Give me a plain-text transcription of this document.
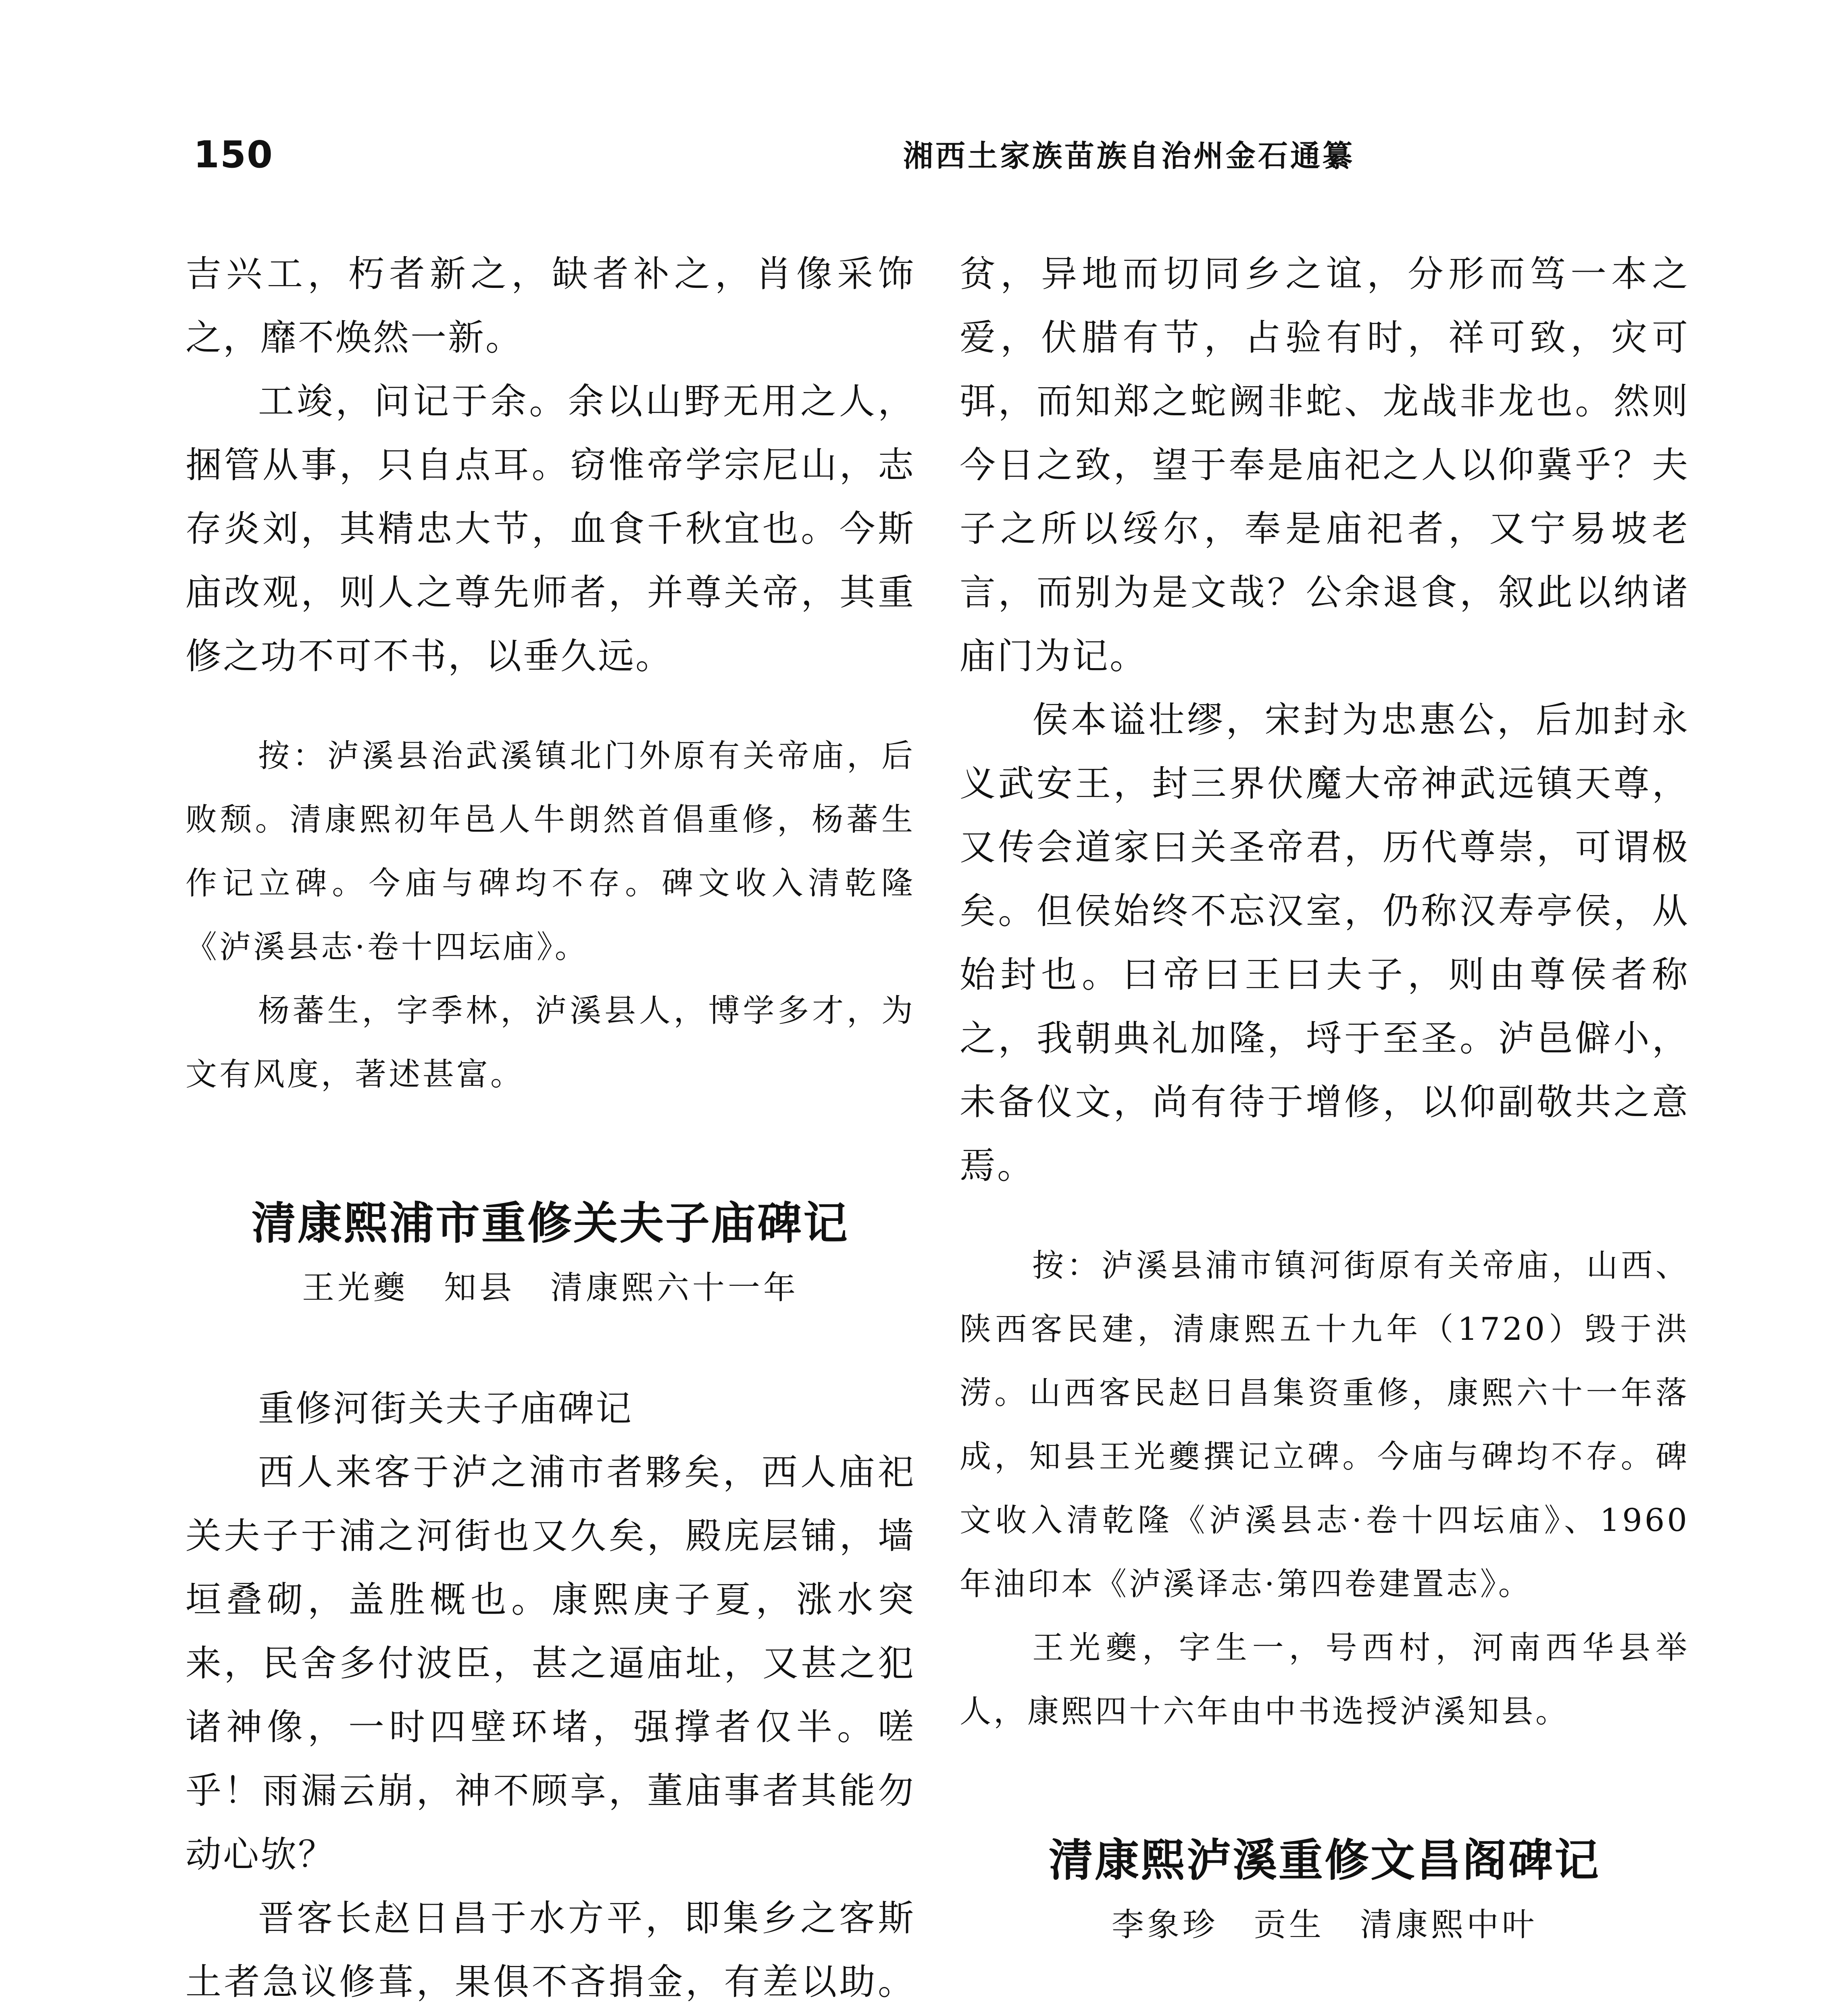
150	湘西土家族苗族自治州金石通纂

吉兴工，朽者新之，缺者补之，肖像采饰之，靡不焕然一新。

工竣，问记于余。余以山野无用之人，捆管从事，只自点耳。窃惟帝学宗尼山，志存炎刘，其精忠大节，血食千秋宜也。今斯庙改观，则人之尊先师者，并尊关帝，其重修之功不可不书，以垂久远。

按：泸溪县治武溪镇北门外原有关帝庙，后败颓。清康熙初年邑人牛朗然首倡重修，杨蕃生作记立碑。今庙与碑均不存。碑文收入清乾隆《泸溪县志·卷十四坛庙》。

杨蕃生，字季林，泸溪县人，博学多才，为文有风度，著述甚富。

清康熙浦市重修关夫子庙碑记
王光夔　知县　清康熙六十一年

重修河街关夫子庙碑记

西人来客于泸之浦市者夥矣，西人庙祀关夫子于浦之河街也又久矣，殿庑层铺，墙垣叠砌，盖胜概也。康熙庚子夏，涨水突来，民舍多付波臣，甚之逼庙址，又甚之犯诸神像，一时四壁环堵，强撑者仅半。嗟乎！雨漏云崩，神不顾享，董庙事者其能勿动心欤？

晋客长赵日昌于水方平，即集乡之客斯土者急议修葺，果俱不吝捐金，有差以助。

贫，异地而切同乡之谊，分形而笃一本之爱，伏腊有节，占验有时，祥可致，灾可弭，而知郑之蛇阙非蛇、龙战非龙也。然则今日之致，望于奉是庙祀之人以仰冀乎？夫子之所以绥尔，奉是庙祀者，又宁易坡老言，而别为是文哉？公余退食，叙此以纳诸庙门为记。

侯本谥壮缪，宋封为忠惠公，后加封永义武安王，封三界伏魔大帝神武远镇天尊，又传会道家曰关圣帝君，历代尊崇，可谓极矣。但侯始终不忘汉室，仍称汉寿亭侯，从始封也。曰帝曰王曰夫子，则由尊侯者称之，我朝典礼加隆，埒于至圣。泸邑僻小，未备仪文，尚有待于增修，以仰副敬共之意焉。

按：泸溪县浦市镇河街原有关帝庙，山西、陕西客民建，清康熙五十九年（1720）毁于洪涝。山西客民赵日昌集资重修，康熙六十一年落成，知县王光夔撰记立碑。今庙与碑均不存。碑文收入清乾隆《泸溪县志·卷十四坛庙》、1960年油印本《泸溪译志·第四卷建置志》。

王光夔，字生一，号西村，河南西华县举人，康熙四十六年由中书选授泸溪知县。

清康熙泸溪重修文昌阁碑记
李象珍　贡生　清康熙中叶
